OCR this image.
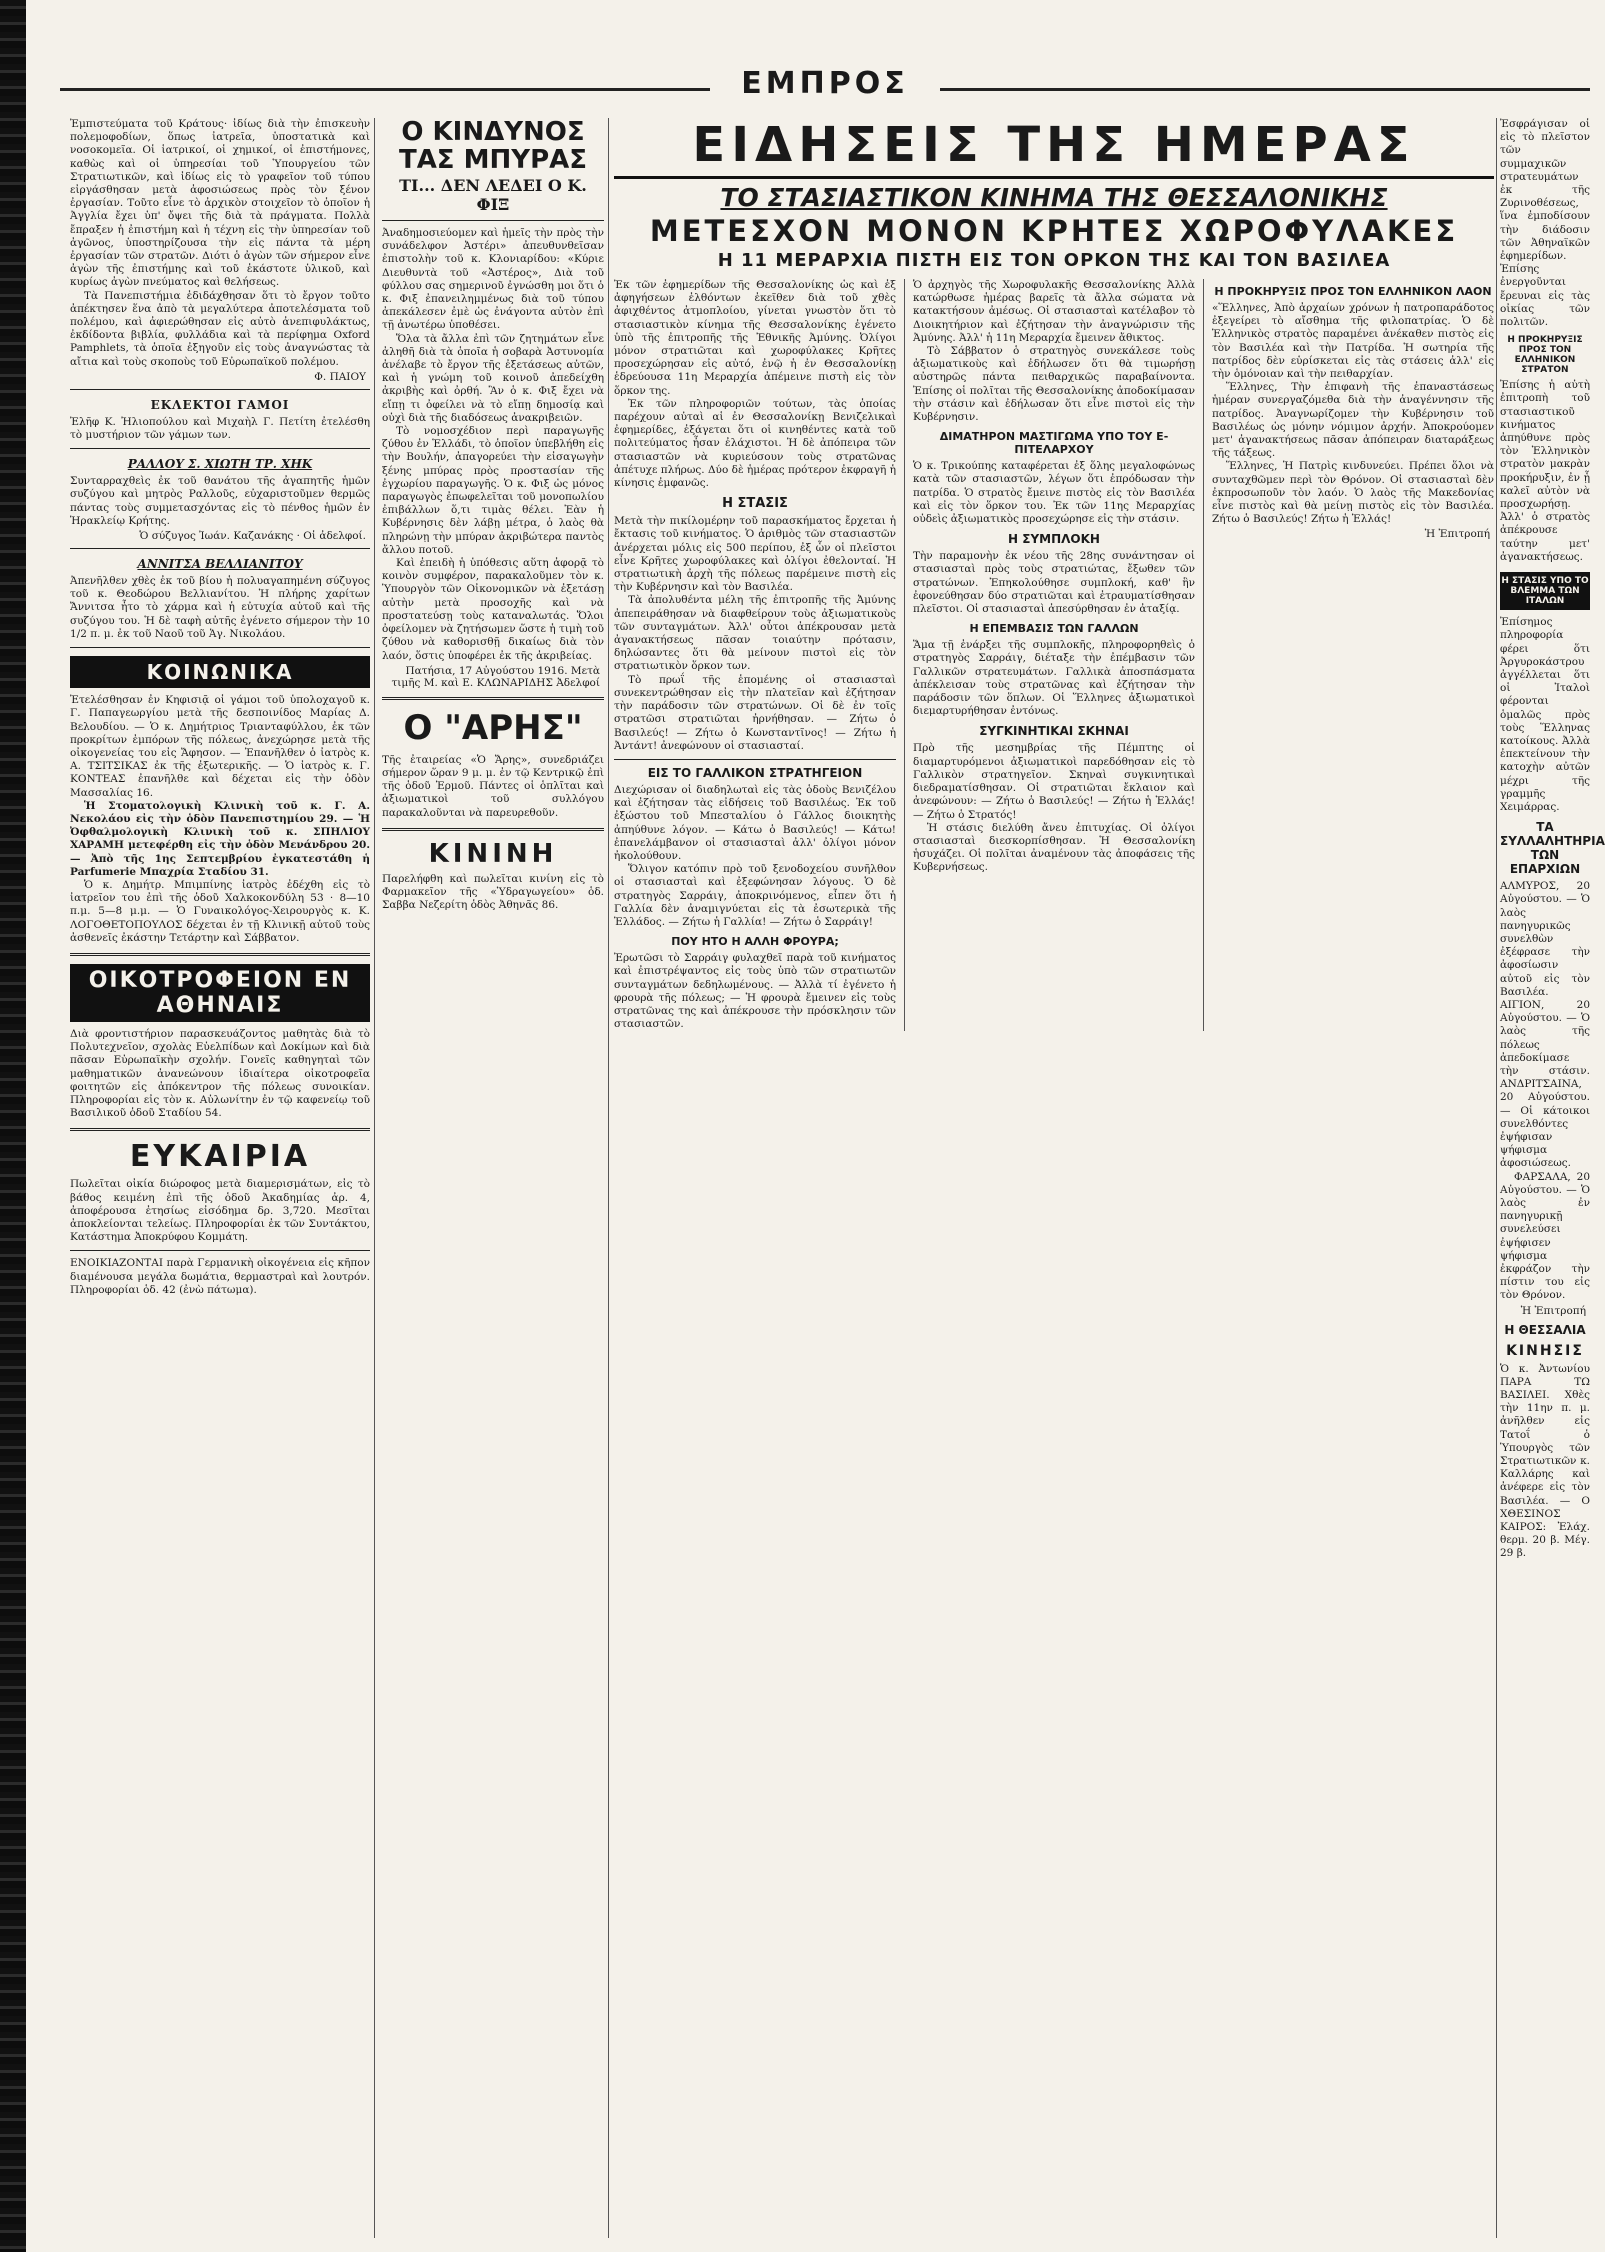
ΕΜΠΡΟΣ

Ἐμπιστεύματα τοῦ Κράτους· ἰδίως διὰ τὴν ἐπισκευὴν πολεμοφοδίων, ὅπως ἰατρεῖα, ὑποστατικὰ καὶ νοσοκομεῖα. Οἱ ἱατρικοί, οἱ χημικοί, οἱ ἐπιστήμονες, καθὼς καὶ οἱ ὑπηρεσίαι τοῦ Ὑπουργείου τῶν Στρατιωτικῶν, καὶ ἰδίως εἰς τὸ γραφεῖον τοῦ τύπου εἰργάσθησαν μετὰ ἀφοσιώσεως πρὸς τὸν ξένον ἐργασίαν. Τοῦτο εἶνε τὸ ἀρχικὸν στοιχεῖον τὸ ὁποῖον ἡ Ἀγγλία ἔχει ὑπ' ὄψει τῆς διὰ τὰ πράγματα. Πολλὰ ἔπραξεν ἡ ἐπιστήμη καὶ ἡ τέχνη εἰς τὴν ὑπηρεσίαν τοῦ ἀγῶνος, ὑποστηρίζουσα τὴν εἰς πάντα τὰ μέρη ἐργασίαν τῶν στρατῶν. Διότι ὁ ἀγὼν τῶν σήμερον εἶνε ἀγὼν τῆς ἐπιστήμης καὶ τοῦ ἑκάστοτε ὑλικοῦ, καὶ κυρίως ἀγὼν πνεύματος καὶ θελήσεως.

Τὰ Πανεπιστήμια ἐδιδάχθησαν ὅτι τὸ ἔργον τοῦτο ἀπέκτησεν ἕνα ἀπὸ τὰ μεγαλύτερα ἀποτελέσματα τοῦ πολέμου, καὶ ἀφιερώθησαν εἰς αὐτὸ ἀνεπιφυλάκτως, ἐκδίδοντα βιβλία, φυλλάδια καὶ τὰ περίφημα Oxford Pamphlets, τὰ ὁποῖα ἐξηγοῦν εἰς τοὺς ἀναγνώστας τὰ αἴτια καὶ τοὺς σκοποὺς τοῦ Εὐρωπαϊκοῦ πολέμου.

Φ. ΠΑΙΟΥ
ΕΚΛΕΚΤΟΙ ΓΑΜΟΙ

Ἐλῆφ Κ. Ἠλιοπούλου καὶ Μιχαὴλ Γ. Πετίτη ἐτελέσθη τὸ μυστήριον τῶν γάμων των.

ΡΑΛΛΟΥ Σ. ΧΙΩΤΗ ΤΡ. ΧΗΚ

Συνταρραχθεὶς ἐκ τοῦ θανάτου τῆς ἀγαπητῆς ἡμῶν συζύγου καὶ μητρὸς Ραλλοῦς, εὐχαριστοῦμεν θερμῶς πάντας τοὺς συμμετασχόντας εἰς τὸ πένθος ἡμῶν ἐν Ἡρακλείῳ Κρήτης.

Ὁ σύζυγος Ἰωάν. Καζανάκης · Οἱ ἀδελφοί.
ΑΝΝΙΤΣΑ ΒΕΛΛΙΑΝΙΤΟΥ

Ἀπενῆλθεν χθὲς ἐκ τοῦ βίου ἡ πολυαγαπημένη σύζυγος τοῦ κ. Θεοδώρου Βελλιανίτου. Ἡ πλήρης χαρίτων Ἄννιτσα ἦτο τὸ χάρμα καὶ ἡ εὐτυχία αὐτοῦ καὶ τῆς συζύγου του. Ἡ δὲ ταφὴ αὐτῆς ἐγένετο σήμερον τὴν 10 1/2 π. μ. ἐκ τοῦ Ναοῦ τοῦ Ἁγ. Νικολάου.

ΚΟΙΝΩΝΙΚΑ

Ἐτελέσθησαν ἐν Κηφισιᾷ οἱ γάμοι τοῦ ὑπολοχαγοῦ κ. Γ. Παπαγεωργίου μετὰ τῆς δεσποινίδος Μαρίας Δ. Βελουδίου. — Ὁ κ. Δημήτριος Τριανταφύλλου, ἐκ τῶν προκρίτων ἐμπόρων τῆς πόλεως, ἀνεχώρησε μετὰ τῆς οἰκογενείας του εἰς Ἄφησον. — Ἐπανῆλθεν ὁ ἰατρὸς κ. Α. ΤΣΙΤΣΙΚΑΣ ἐκ τῆς ἐξωτερικῆς. — Ὁ ἰατρὸς κ. Γ. ΚΟΝΤΕΑΣ ἐπανῆλθε καὶ δέχεται εἰς τὴν ὁδὸν Μασσαλίας 16.

Ἡ Στοματολογικὴ Κλινικὴ τοῦ κ. Γ. Α. Νεκολάου εἰς τὴν ὁδὸν Πανεπιστημίου 29. — Ἡ Ὀφθαλμολογικὴ Κλινικὴ τοῦ κ. ΣΠΗΛΙΟΥ ΧΑΡΑΜΗ μετεφέρθη εἰς τὴν ὁδὸν Μενάνδρου 20. — Ἀπὸ τῆς 1ης Σεπτεμβρίου ἐγκατεστάθη ἡ Parfumerie Μπαχρία Σταδίου 31.

Ὁ κ. Δημήτρ. Μπιμπίνης ἰατρὸς ἐδέχθη εἰς τὸ ἰατρεῖον του ἐπὶ τῆς ὁδοῦ Χαλκοκονδύλη 53 · 8—10 π.μ. 5—8 μ.μ. — Ὁ Γυναικολόγος-Χειρουργὸς κ. Κ. ΛΟΓΟΘΕΤΟΠΟΥΛΟΣ δέχεται ἐν τῇ Κλινικῇ αὐτοῦ τοὺς ἀσθενεῖς ἐκάστην Τετάρτην καὶ Σάββατον.

ΟΙΚΟΤΡΟΦΕΙΟΝ ΕΝ ΑΘΗΝΑΙΣ

Διὰ φροντιστήριον παρασκευάζοντος μαθητὰς διὰ τὸ Πολυτεχνεῖον, σχολὰς Εὐελπίδων καὶ Δοκίμων καὶ διὰ πᾶσαν Εὐρωπαϊκὴν σχολήν. Γονεῖς καθηγηταὶ τῶν μαθηματικῶν ἀνανεώνουν ἰδιαίτερα οἰκοτροφεῖα φοιτητῶν εἰς ἀπόκεντρον τῆς πόλεως συνοικίαν. Πληροφορίαι εἰς τὸν κ. Αὐλωνίτην ἐν τῷ καφενείῳ τοῦ Βασιλικοῦ ὁδοῦ Σταδίου 54.

ΕΥΚΑΙΡΙΑ

Πωλεῖται οἰκία διώροφος μετὰ διαμερισμάτων, εἰς τὸ βάθος κειμένη ἐπὶ τῆς ὁδοῦ Ἀκαδημίας ἀρ. 4, ἀποφέρουσα ἐτησίως εἰσόδημα δρ. 3,720. Μεσῖται ἀποκλείονται τελείως. Πληροφορίαι ἐκ τῶν Συντάκτου, Κατάστημα Ἀποκρύφου Κομμάτη.

ΕΝΟΙΚΙΑΖΟΝΤΑΙ παρὰ Γερμανικὴ οἰκογένεια εἰς κῆπον διαμένουσα μεγάλα δωμάτια, θερμαστραὶ καὶ λουτρόν. Πληροφορίαι ὁδ. 42 (ἐνὼ πάτωμα).

Ο ΚΙΝΔΥΝΟΣ
ΤΑΣ ΜΠΥΡΑΣ
ΤΙ... ΔΕΝ ΛΕΔΕΙ Ο Κ. ΦΙΞ

Ἀναδημοσιεύομεν καὶ ἡμεῖς τὴν πρὸς τὴν συνάδελφον Ἀστέρι» ἀπευθυνθεῖσαν ἐπιστολὴν τοῦ κ. Κλονιαρίδου: «Κύριε Διευθυντὰ τοῦ «Ἀστέρος», Διὰ τοῦ φύλλου σας σημερινοῦ ἐγνώσθη μοι ὅτι ὁ κ. Φιξ ἐπανειλημμένως διὰ τοῦ τύπου ἀπεκάλεσεν ἐμὲ ὡς ἐνάγοντα αὐτὸν ἐπὶ τῇ ἀνωτέρω ὑποθέσει.

Ὅλα τὰ ἄλλα ἐπὶ τῶν ζητημάτων εἶνε ἀληθῆ διὰ τὰ ὁποῖα ἡ σοβαρὰ Ἀστυνομία ἀνέλαβε τὸ ἔργον τῆς ἐξετάσεως αὐτῶν, καὶ ἡ γνώμη τοῦ κοινοῦ ἀπεδείχθη ἀκριβὴς καὶ ὀρθή. Ἂν ὁ κ. Φιξ ἔχει νὰ εἴπῃ τι ὀφείλει νὰ τὸ εἴπῃ δημοσίᾳ καὶ οὐχὶ διὰ τῆς διαδόσεως ἀνακριβειῶν.

Τὸ νομοσχέδιον περὶ παραγωγῆς ζύθου ἐν Ἑλλάδι, τὸ ὁποῖον ὑπεβλήθη εἰς τὴν Βουλήν, ἀπαγορεύει τὴν εἰσαγωγὴν ξένης μπύρας πρὸς προστασίαν τῆς ἐγχωρίου παραγωγῆς. Ὁ κ. Φιξ ὡς μόνος παραγωγὸς ἐπωφελεῖται τοῦ μονοπωλίου ἐπιβάλλων ὅ,τι τιμὰς θέλει. Ἐὰν ἡ Κυβέρνησις δὲν λάβῃ μέτρα, ὁ λαὸς θὰ πληρώνῃ τὴν μπύραν ἀκριβώτερα παντὸς ἄλλου ποτοῦ.

Καὶ ἐπειδὴ ἡ ὑπόθεσις αὕτη ἀφορᾷ τὸ κοινὸν συμφέρον, παρακαλοῦμεν τὸν κ. Ὑπουργὸν τῶν Οἰκονομικῶν νὰ ἐξετάσῃ αὐτὴν μετὰ προσοχῆς καὶ νὰ προστατεύσῃ τοὺς καταναλωτάς. Ὅλοι ὀφείλομεν νὰ ζητήσωμεν ὥστε ἡ τιμὴ τοῦ ζύθου νὰ καθορισθῇ δικαίως διὰ τὸν λαόν, ὅστις ὑποφέρει ἐκ τῆς ἀκριβείας.

Πατήσια, 17 Αὐγούστου 1916. Μετὰ τιμῆς Μ. καὶ Ε. ΚΛΩΝΑΡΙΔΗΣ Ἀδελφοί
Ο "ΑΡΗΣ"

Τῆς ἐταιρείας «Ὁ Ἄρης», συνεδριάζει σήμερον ὥραν 9 μ. μ. ἐν τῷ Κεντρικῷ ἐπὶ τῆς ὁδοῦ Ἑρμοῦ. Πάντες οἱ ὁπλῖται καὶ ἀξιωματικοὶ τοῦ συλλόγου παρακαλοῦνται νὰ παρευρεθοῦν.

ΚΙΝΙΝΗ

Παρελήφθη καὶ πωλεῖται κινίνη εἰς τὸ Φαρμακεῖον τῆς «Ὑδραγωγείου» ὁδ. Σαββα Νεζερίτη ὁδὸς Ἀθηνᾶς 86.

ΕΙΔΗΣΕΙΣ ΤΗΣ ΗΜΕΡΑΣ
ΤΟ ΣΤΑΣΙΑΣΤΙΚΟΝ ΚΙΝΗΜΑ ΤΗΣ ΘΕΣΣΑΛΟΝΙΚΗΣ
ΜΕΤΕΣΧΟΝ ΜΟΝΟΝ ΚΡΗΤΕΣ ΧΩΡΟΦΥΛΑΚΕΣ
Η 11 ΜΕΡΑΡΧΙΑ ΠΙΣΤΗ ΕΙΣ ΤΟΝ ΟΡΚΟΝ ΤΗΣ ΚΑΙ ΤΟΝ ΒΑΣΙΛΕΑ

Ἐκ τῶν ἐφημερίδων τῆς Θεσσαλονίκης ὡς καὶ ἐξ ἀφηγήσεων ἐλθόντων ἐκεῖθεν διὰ τοῦ χθὲς ἀφιχθέντος ἀτμοπλοίου, γίνεται γνωστὸν ὅτι τὸ στασιαστικὸν κίνημα τῆς Θεσσαλονίκης ἐγένετο ὑπὸ τῆς ἐπιτροπῆς τῆς Ἐθνικῆς Ἀμύνης. Ὀλίγοι μόνον στρατιῶται καὶ χωροφύλακες Κρῆτες προσεχώρησαν εἰς αὐτό, ἐνῷ ἡ ἐν Θεσσαλονίκῃ ἑδρεύουσα 11η Μεραρχία ἀπέμεινε πιστὴ εἰς τὸν ὅρκον της.

Ἐκ τῶν πληροφοριῶν τούτων, τὰς ὁποίας παρέχουν αὐταὶ αἱ ἐν Θεσσαλονίκῃ Βενιζελικαὶ ἐφημερίδες, ἐξάγεται ὅτι οἱ κινηθέντες κατὰ τοῦ πολιτεύματος ἦσαν ἐλάχιστοι. Ἡ δὲ ἀπόπειρα τῶν στασιαστῶν νὰ κυριεύσουν τοὺς στρατῶνας ἀπέτυχε πλήρως. Δύο δὲ ἡμέρας πρότερον ἐκφραγῆ ἡ κίνησις ἐμφανῶς.

Η ΣΤΑΣΙΣ

Μετὰ τὴν πικίλομέρην τοῦ παρασκήματος ἔρχεται ἡ ἔκτασις τοῦ κινήματος. Ὁ ἀριθμὸς τῶν στασιαστῶν ἀνέρχεται μόλις εἰς 500 περίπου, ἐξ ὧν οἱ πλεῖστοι εἶνε Κρῆτες χωροφύλακες καὶ ὀλίγοι ἐθελονταί. Ἡ στρατιωτικὴ ἀρχὴ τῆς πόλεως παρέμεινε πιστὴ εἰς τὴν Κυβέρνησιν καὶ τὸν Βασιλέα.

Τὰ ἀπολυθέντα μέλη τῆς ἐπιτροπῆς τῆς Ἀμύνης ἀπεπειράθησαν νὰ διαφθείρουν τοὺς ἀξιωματικοὺς τῶν συνταγμάτων. Ἀλλ' οὗτοι ἀπέκρουσαν μετὰ ἀγανακτήσεως πᾶσαν τοιαύτην πρότασιν, δηλώσαντες ὅτι θὰ μείνουν πιστοὶ εἰς τὸν στρατιωτικὸν ὅρκον των.

Τὸ πρωΐ τῆς ἑπομένης οἱ στασιασταὶ συνεκεντρώθησαν εἰς τὴν πλατεῖαν καὶ ἐζήτησαν τὴν παράδοσιν τῶν στρατώνων. Οἱ δὲ ἐν τοῖς στρατῶσι στρατιῶται ἠρνήθησαν. — Ζήτω ὁ Βασιλεύς! — Ζήτω ὁ Κωνσταντῖνος! — Ζήτω ἡ Ἀντάντ! ἀνεφώνουν οἱ στασιασταί.

ΕΙΣ ΤΟ ΓΑΛΛΙΚΟΝ ΣΤΡΑΤΗΓΕΙΟΝ

Διεχώρισαν οἱ διαδηλωταὶ εἰς τὰς ὁδοὺς Βενιζέλου καὶ ἐζήτησαν τὰς εἰδήσεις τοῦ Βασιλέως. Ἐκ τοῦ ἐξώστου τοῦ Μπεσταλίου ὁ Γάλλος διοικητὴς ἀπηύθυνε λόγον. — Κάτω ὁ Βασιλεύς! — Κάτω! ἐπανελάμβανον οἱ στασιασταὶ ἀλλ' ὀλίγοι μόνον ἠκολούθουν.

Ὅλιγον κατόπιν πρὸ τοῦ ξενοδοχείου συνῆλθον οἱ στασιασταὶ καὶ ἐξεφώνησαν λόγους. Ὁ δὲ στρατηγὸς Σαρράιγ, ἀποκρινόμενος, εἶπεν ὅτι ἡ Γαλλία δὲν ἀναμιγνύεται εἰς τὰ ἐσωτερικὰ τῆς Ἑλλάδος. — Ζήτω ἡ Γαλλία! — Ζήτω ὁ Σαρράιγ!

ΠΟΥ ΗΤΟ Η ΑΛΛΗ ΦΡΟΥΡΑ;

Ἐρωτῶσι τὸ Σαρράιγ φυλαχθεῖ παρὰ τοῦ κινήματος καὶ ἐπιστρέψαντος εἰς τοὺς ὑπὸ τῶν στρατιωτῶν συνταγμάτων δεδηλωμένους. — Ἀλλὰ τί ἐγένετο ἡ φρουρὰ τῆς πόλεως; — Ἡ φρουρὰ ἔμεινεν εἰς τοὺς στρατῶνας της καὶ ἀπέκρουσε τὴν πρόσκλησιν τῶν στασιαστῶν.

Ὁ ἀρχηγὸς τῆς Χωροφυλακῆς Θεσσαλονίκης Ἀλλὰ κατώρθωσε ἡμέρας βαρεῖς τὰ ἄλλα σώματα νὰ κατακτήσουν ἀμέσως. Οἱ στασιασταὶ κατέλαβον τὸ Διοικητήριον καὶ ἐζήτησαν τὴν ἀναγνώρισιν τῆς Ἀμύνης. Ἀλλ' ἡ 11η Μεραρχία ἔμεινεν ἄθικτος.

Τὸ Σάββατον ὁ στρατηγὸς συνεκάλεσε τοὺς ἀξιωματικοὺς καὶ ἐδήλωσεν ὅτι θὰ τιμωρήσῃ αὐστηρῶς πάντα πειθαρχικῶς παραβαίνοντα. Ἐπίσης οἱ πολῖται τῆς Θεσσαλονίκης ἀποδοκίμασαν τὴν στάσιν καὶ ἐδήλωσαν ὅτι εἶνε πιστοὶ εἰς τὴν Κυβέρνησιν.

ΔΙΜΑΤΗΡΟΝ ΜΑΣΤΙΓΩΜΑ ΥΠΟ ΤΟΥ Ε-ΠΙΤΕΛΑΡΧΟΥ

Ὁ κ. Τρικούπης καταφέρεται ἐξ ὅλης μεγαλοφώνως κατὰ τῶν στασιαστῶν, λέγων ὅτι ἐπρόδωσαν τὴν πατρίδα. Ὁ στρατὸς ἔμεινε πιστὸς εἰς τὸν Βασιλέα καὶ εἰς τὸν ὅρκον του. Ἐκ τῶν 11ης Μεραρχίας οὐδεὶς ἀξιωματικὸς προσεχώρησε εἰς τὴν στάσιν.

Η ΣΥΜΠΛΟΚΗ

Τὴν παραμονὴν ἐκ νέου τῆς 28ης συνάντησαν οἱ στασιασταὶ πρὸς τοὺς στρατιώτας, ἔξωθεν τῶν στρατώνων. Ἐπηκολούθησε συμπλοκή, καθ' ἣν ἐφονεύθησαν δύο στρατιῶται καὶ ἐτραυματίσθησαν πλεῖστοι. Οἱ στασιασταὶ ἀπεσύρθησαν ἐν ἀταξίᾳ.

Η ΕΠΕΜΒΑΣΙΣ ΤΩΝ ΓΑΛΛΩΝ

Ἅμα τῇ ἐνάρξει τῆς συμπλοκῆς, πληροφορηθεὶς ὁ στρατηγὸς Σαρράιγ, διέταξε τὴν ἐπέμβασιν τῶν Γαλλικῶν στρατευμάτων. Γαλλικὰ ἀποσπάσματα ἀπέκλεισαν τοὺς στρατῶνας καὶ ἐζήτησαν τὴν παράδοσιν τῶν ὅπλων. Οἱ Ἕλληνες ἀξιωματικοὶ διεμαρτυρήθησαν ἐντόνως.

ΣΥΓΚΙΝΗΤΙΚΑΙ ΣΚΗΝΑΙ

Πρὸ τῆς μεσημβρίας τῆς Πέμπτης οἱ διαμαρτυρόμενοι ἀξιωματικοὶ παρεδόθησαν εἰς τὸ Γαλλικὸν στρατηγεῖον. Σκηναὶ συγκινητικαὶ διεδραματίσθησαν. Οἱ στρατιῶται ἔκλαιον καὶ ἀνεφώνουν: — Ζήτω ὁ Βασιλεύς! — Ζήτω ἡ Ἑλλάς! — Ζήτω ὁ Στρατός!

Ἡ στάσις διελύθη ἄνευ ἐπιτυχίας. Οἱ ὀλίγοι στασιασταὶ διεσκορπίσθησαν. Ἡ Θεσσαλονίκη ἡσυχάζει. Οἱ πολῖται ἀναμένουν τὰς ἀποφάσεις τῆς Κυβερνήσεως.

Η ΠΡΟΚΗΡΥΞΙΣ ΠΡΟΣ ΤΟΝ ΕΛΛΗΝΙΚΟΝ ΛΑΟΝ

«Ἕλληνες, Ἀπὸ ἀρχαίων χρόνων ἡ πατροπαράδοτος ἐξεγείρει τὸ αἴσθημα τῆς φιλοπατρίας. Ὁ δὲ Ἑλληνικὸς στρατὸς παραμένει ἀνέκαθεν πιστὸς εἰς τὸν Βασιλέα καὶ τὴν Πατρίδα. Ἡ σωτηρία τῆς πατρίδος δὲν εὑρίσκεται εἰς τὰς στάσεις ἀλλ' εἰς τὴν ὁμόνοιαν καὶ τὴν πειθαρχίαν.

Ἕλληνες, Τὴν ἐπιφανὴ τῆς ἐπαναστάσεως ἡμέραν συνεργαζόμεθα διὰ τὴν ἀναγέννησιν τῆς πατρίδος. Ἀναγνωρίζομεν τὴν Κυβέρνησιν τοῦ Βασιλέως ὡς μόνην νόμιμον ἀρχήν. Ἀποκρούομεν μετ' ἀγανακτήσεως πᾶσαν ἀπόπειραν διαταράξεως τῆς τάξεως.

Ἕλληνες, Ἡ Πατρὶς κινδυνεύει. Πρέπει ὅλοι νὰ συνταχθῶμεν περὶ τὸν Θρόνον. Οἱ στασιασταὶ δὲν ἐκπροσωποῦν τὸν λαόν. Ὁ λαὸς τῆς Μακεδονίας εἶνε πιστὸς καὶ θὰ μείνῃ πιστὸς εἰς τὸν Βασιλέα. Ζήτω ὁ Βασιλεύς! Ζήτω ἡ Ἑλλάς!

Ἡ Ἐπιτροπή

Ἐσφράγισαν οἱ εἰς τὸ πλεῖστον τῶν συμμαχικῶν στρατευμάτων ἐκ τῆς Ζυρινοθέσεως, ἵνα ἐμποδίσουν τὴν διάδοσιν τῶν Ἀθηναϊκῶν ἐφημερίδων. Ἐπίσης ἐνεργοῦνται ἔρευναι εἰς τὰς οἰκίας τῶν πολιτῶν.

Η ΠΡΟΚΗΡΥΞΙΣ ΠΡΟΣ ΤΟΝ ΕΛΛΗΝΙΚΟΝ ΣΤΡΑΤΟΝ

Ἐπίσης ἡ αὐτὴ ἐπιτροπὴ τοῦ στασιαστικοῦ κινήματος ἀπηύθυνε πρὸς τὸν Ἑλληνικὸν στρατὸν μακρὰν προκήρυξιν, ἐν ᾗ καλεῖ αὐτὸν νὰ προσχωρήσῃ. Ἀλλ' ὁ στρατὸς ἀπέκρουσε ταύτην μετ' ἀγανακτήσεως.

Η ΣΤΑΣΙΣ ΥΠΟ ΤΟ ΒΛΕΜΜΑ ΤΩΝ ΙΤΑΛΩΝ

Ἐπίσημος πληροφορία φέρει ὅτι Ἀργυροκάστρου ἀγγέλλεται ὅτι οἱ Ἰταλοὶ φέρονται ὁμαλῶς πρὸς τοὺς Ἕλληνας κατοίκους. Ἀλλὰ ἐπεκτείνουν τὴν κατοχὴν αὐτῶν μέχρι τῆς γραμμῆς Χειμάρρας.

ΤΑ ΣΥΛΛΑΛΗΤΗΡΙΑ ΤΩΝ ΕΠΑΡΧΙΩΝ

ΑΛΜΥΡΟΣ, 20 Αὐγούστου. — Ὁ λαὸς πανηγυρικῶς συνελθὼν ἐξέφρασε τὴν ἀφοσίωσιν αὐτοῦ εἰς τὸν Βασιλέα. ΑΙΓΙΟΝ, 20 Αὐγούστου. — Ὁ λαὸς τῆς πόλεως ἀπεδοκίμασε τὴν στάσιν. ΑΝΔΡΙΤΣΑΙΝΑ, 20 Αὐγούστου. — Οἱ κάτοικοι συνελθόντες ἐψήφισαν ψήφισμα ἀφοσιώσεως.

ΦΑΡΣΑΛΑ, 20 Αὐγούστου. — Ὁ λαὸς ἐν πανηγυρικῇ συνελεύσει ἐψήφισεν ψήφισμα ἐκφράζον τὴν πίστιν του εἰς τὸν Θρόνον.

Ἡ Ἐπιτροπή
Η ΘΕΣΣΑΛΙΑ
ΚΙΝΗΣΙΣ

Ὁ κ. Ἀντωνίου ΠΑΡΑ ΤΩ ΒΑΣΙΛΕΙ. Χθὲς τὴν 11ην π. μ. ἀνῆλθεν εἰς Τατοΐ ὁ Ὑπουργὸς τῶν Στρατιωτικῶν κ. Καλλάρης καὶ ἀνέφερε εἰς τὸν Βασιλέα. — Ο ΧΘΕΣΙΝΟΣ ΚΑΙΡΟΣ: Ἐλάχ. θερμ. 20 β. Μέγ. 29 β.
